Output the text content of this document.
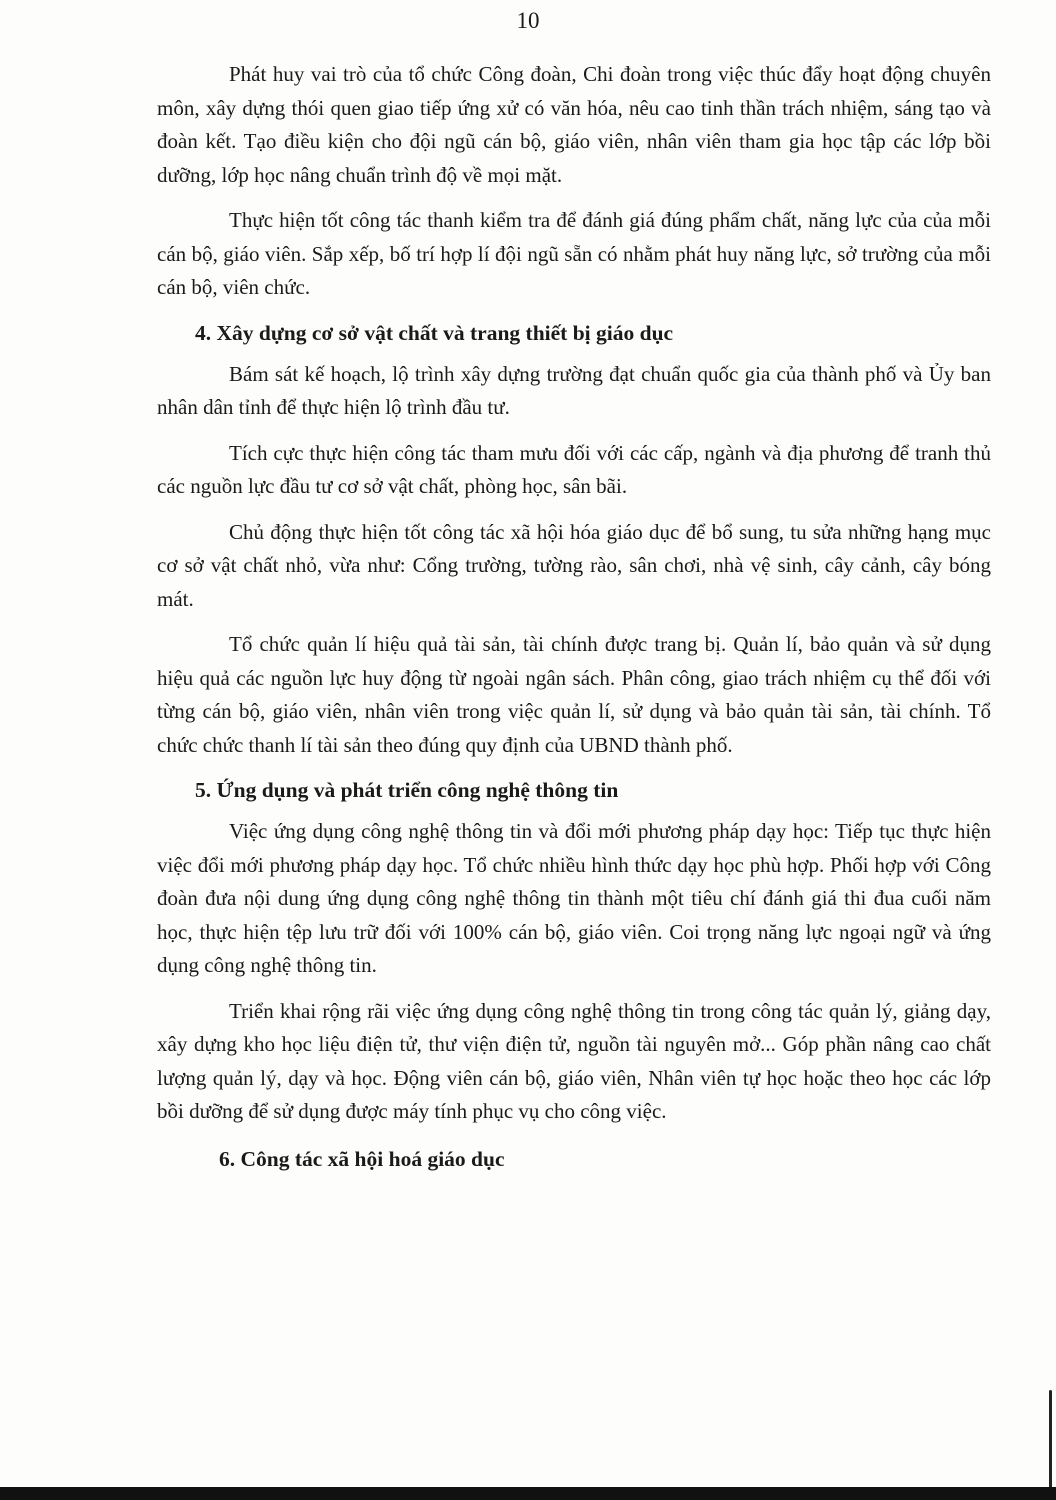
10

Phát huy vai trò của tổ chức Công đoàn, Chi đoàn trong việc thúc đẩy hoạt động chuyên môn, xây dựng thói quen giao tiếp ứng xử có văn hóa, nêu cao tinh thần trách nhiệm, sáng tạo và đoàn kết. Tạo điều kiện cho đội ngũ cán bộ, giáo viên, nhân viên tham gia học tập các lớp bồi dưỡng, lớp học nâng chuẩn trình độ về mọi mặt.

Thực hiện tốt công tác thanh kiểm tra để đánh giá đúng phẩm chất, năng lực của của mỗi cán bộ, giáo viên. Sắp xếp, bố trí hợp lí đội ngũ sẵn có nhằm phát huy năng lực, sở trường của mỗi cán bộ, viên chức.

4. Xây dựng cơ sở vật chất và trang thiết bị giáo dục

Bám sát kế hoạch, lộ trình xây dựng trường đạt chuẩn quốc gia của thành phố và Ủy ban nhân dân tỉnh để thực hiện lộ trình đầu tư.

Tích cực thực hiện công tác tham mưu đối với các cấp, ngành và địa phương để tranh thủ các nguồn lực đầu tư cơ sở vật chất, phòng học, sân bãi.

Chủ động thực hiện tốt công tác xã hội hóa giáo dục để bổ sung, tu sửa những hạng mục cơ sở vật chất nhỏ, vừa như: Cổng trường, tường rào, sân chơi, nhà vệ sinh, cây cảnh, cây bóng mát.

Tổ chức quản lí hiệu quả tài sản, tài chính được trang bị. Quản lí, bảo quản và sử dụng hiệu quả các nguồn lực huy động từ ngoài ngân sách. Phân công, giao trách nhiệm cụ thể đối với từng cán bộ, giáo viên, nhân viên trong việc quản lí, sử dụng và bảo quản tài sản, tài chính. Tổ chức chức thanh lí tài sản theo đúng quy định của UBND thành phố.

5. Ứng dụng và phát triển công nghệ thông tin

Việc ứng dụng công nghệ thông tin và đổi mới phương pháp dạy học: Tiếp tục thực hiện việc đổi mới phương pháp dạy học. Tổ chức nhiều hình thức dạy học phù hợp. Phối hợp với Công đoàn đưa nội dung ứng dụng công nghệ thông tin thành một tiêu chí đánh giá thi đua cuối năm học, thực hiện tệp lưu trữ đối với 100% cán bộ, giáo viên. Coi trọng năng lực ngoại ngữ và ứng dụng công nghệ thông tin.

Triển khai rộng rãi việc ứng dụng công nghệ thông tin trong công tác quản lý, giảng dạy, xây dựng kho học liệu điện tử, thư viện điện tử, nguồn tài nguyên mở... Góp phần nâng cao chất lượng quản lý, dạy và học. Động viên cán bộ, giáo viên, Nhân viên tự học hoặc theo học các lớp bồi dưỡng để sử dụng được máy tính phục vụ cho công việc.

6. Công tác xã hội hoá giáo dục
